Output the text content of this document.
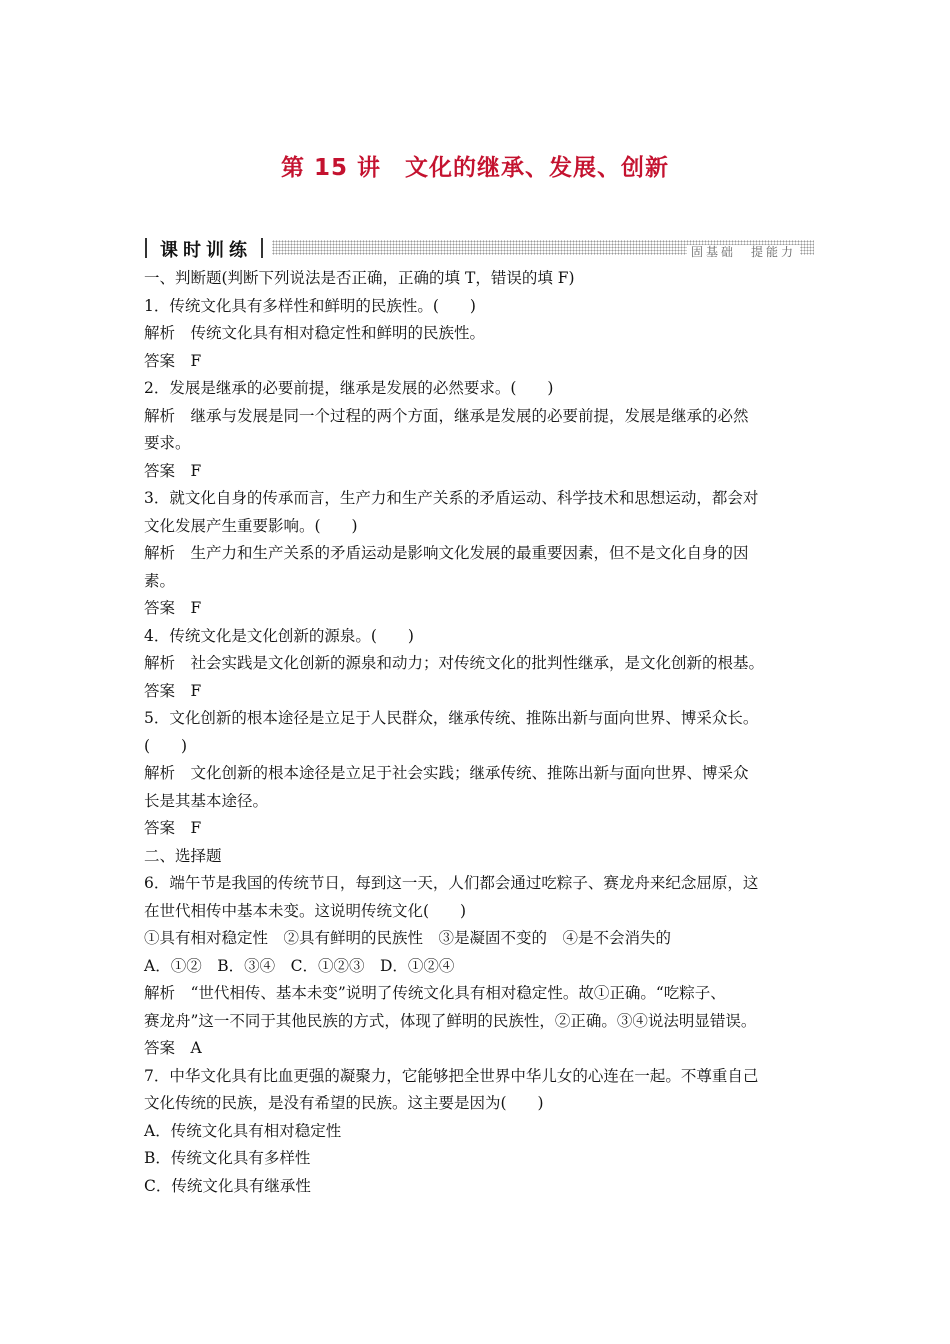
第 15 讲　文化的继承、发展、创新
课时训练	固基础　提能力

一、判断题(判断下列说法是否正确，正确的填 T，错误的填 F)

1．传统文化具有多样性和鲜明的民族性。(　　)

解析　传统文化具有相对稳定性和鲜明的民族性。

答案　F

2．发展是继承的必要前提，继承是发展的必然要求。(　　)

解析　继承与发展是同一个过程的两个方面，继承是发展的必要前提，发展是继承的必然

要求。

答案　F

3．就文化自身的传承而言，生产力和生产关系的矛盾运动、科学技术和思想运动，都会对

文化发展产生重要影响。(　　)

解析　生产力和生产关系的矛盾运动是影响文化发展的最重要因素，但不是文化自身的因

素。

答案　F

4．传统文化是文化创新的源泉。(　　)

解析　社会实践是文化创新的源泉和动力；对传统文化的批判性继承，是文化创新的根基。

答案　F

5．文化创新的根本途径是立足于人民群众，继承传统、推陈出新与面向世界、博采众长。

(　　)

解析　文化创新的根本途径是立足于社会实践；继承传统、推陈出新与面向世界、博采众

长是其基本途径。

答案　F

二、选择题

6．端午节是我国的传统节日，每到这一天，人们都会通过吃粽子、赛龙舟来纪念屈原，这

在世代相传中基本未变。这说明传统文化(　　)

①具有相对稳定性　②具有鲜明的民族性　③是凝固不变的　④是不会消失的

A．①②　B．③④　C．①②③　D．①②④

解析　“世代相传、基本未变”说明了传统文化具有相对稳定性。故①正确。“吃粽子、

赛龙舟”这一不同于其他民族的方式，体现了鲜明的民族性，②正确。③④说法明显错误。

答案　A

7．中华文化具有比血更强的凝聚力，它能够把全世界中华儿女的心连在一起。不尊重自己

文化传统的民族，是没有希望的民族。这主要是因为(　　)

A．传统文化具有相对稳定性

B．传统文化具有多样性

C．传统文化具有继承性
